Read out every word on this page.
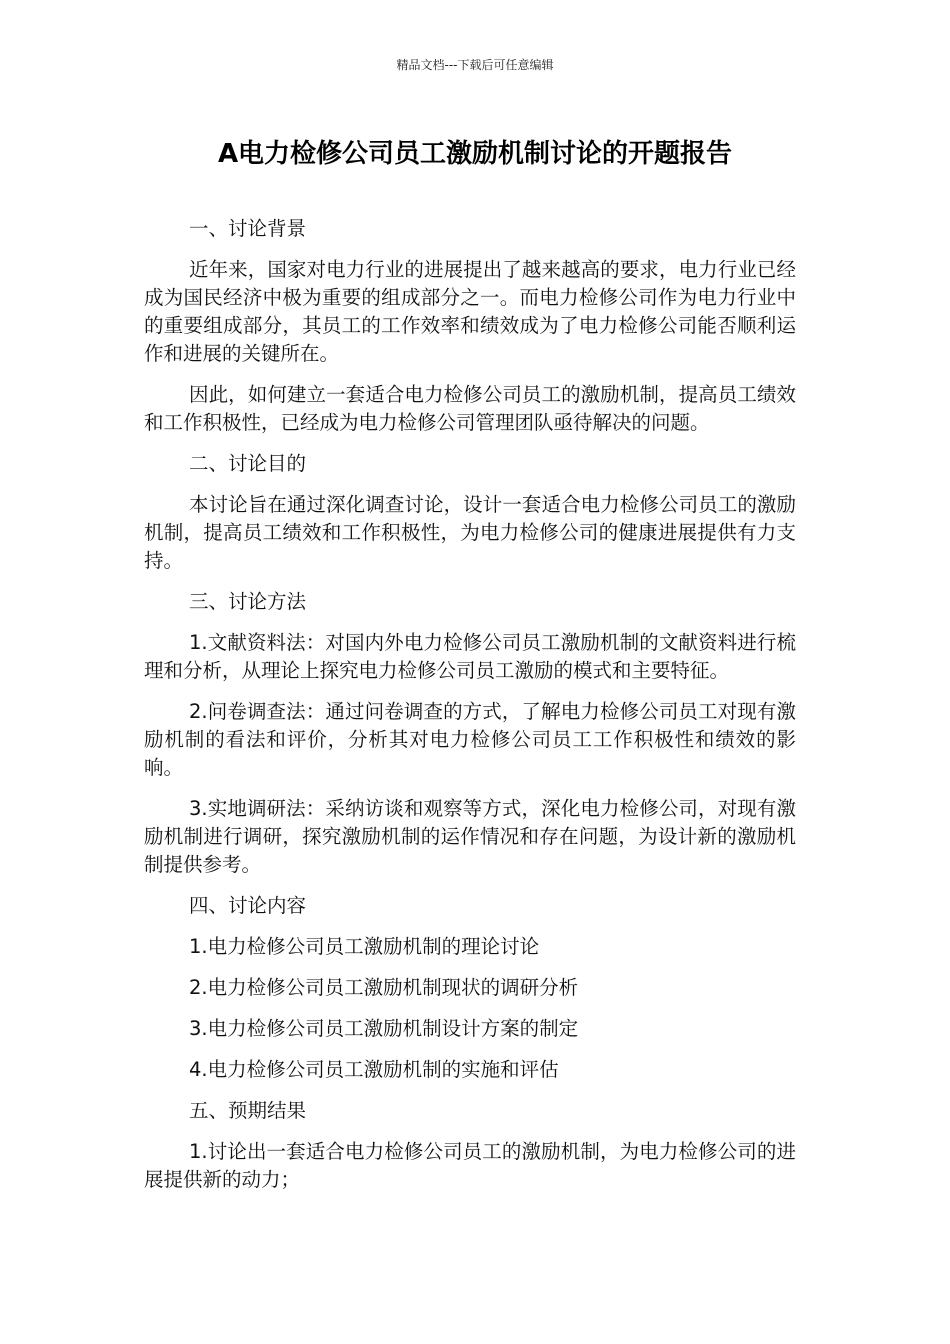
精品文档---下载后可任意编辑
A电力检修公司员工激励机制讨论的开题报告

一、讨论背景

近年来，国家对电力行业的进展提出了越来越高的要求，电力行业已经成为国民经济中极为重要的组成部分之一。而电力检修公司作为电力行业中的重要组成部分，其员工的工作效率和绩效成为了电力检修公司能否顺利运作和进展的关键所在。

因此，如何建立一套适合电力检修公司员工的激励机制，提高员工绩效和工作积极性，已经成为电力检修公司管理团队亟待解决的问题。

二、讨论目的

本讨论旨在通过深化调查讨论，设计一套适合电力检修公司员工的激励机制，提高员工绩效和工作积极性，为电力检修公司的健康进展提供有力支持。

三、讨论方法

1.文献资料法：对国内外电力检修公司员工激励机制的文献资料进行梳理和分析，从理论上探究电力检修公司员工激励的模式和主要特征。

2.问卷调查法：通过问卷调查的方式，了解电力检修公司员工对现有激励机制的看法和评价，分析其对电力检修公司员工工作积极性和绩效的影响。

3.实地调研法：采纳访谈和观察等方式，深化电力检修公司，对现有激励机制进行调研，探究激励机制的运作情况和存在问题，为设计新的激励机制提供参考。

四、讨论内容

1.电力检修公司员工激励机制的理论讨论

2.电力检修公司员工激励机制现状的调研分析

3.电力检修公司员工激励机制设计方案的制定

4.电力检修公司员工激励机制的实施和评估

五、预期结果

1.讨论出一套适合电力检修公司员工的激励机制，为电力检修公司的进展提供新的动力；
